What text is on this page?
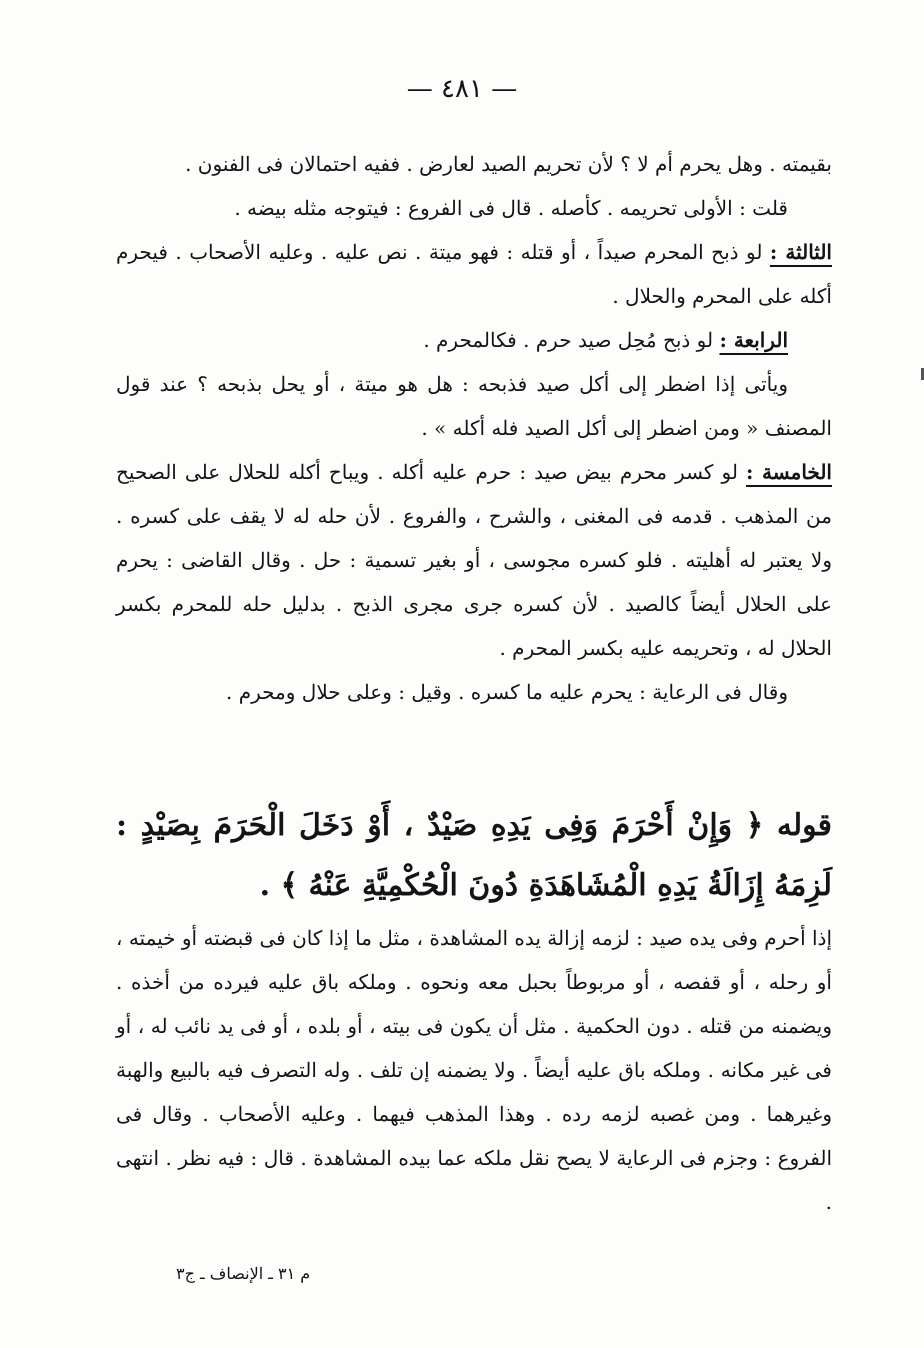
— ٤٨١ —

بقيمته . وهل يحرم أم لا ؟ لأن تحريم الصيد لعارض . ففيه احتمالان فى الفنون .

قلت : الأولى تحريمه . كأصله . قال فى الفروع : فيتوجه مثله بيضه .

الثالثة : لو ذبح المحرم صيداً ، أو قتله : فهو ميتة . نص عليه . وعليه الأصحاب . فيحرم أكله على المحرم والحلال .

الرابعة : لو ذبح مُحِل صيد حرم . فكالمحرم .

ويأتى إذا اضطر إلى أكل صيد فذبحه : هل هو ميتة ، أو يحل بذبحه ؟ عند قول المصنف « ومن اضطر إلى أكل الصيد فله أكله » .

الخامسة : لو كسر محرم بيض صيد : حرم عليه أكله . ويباح أكله للحلال على الصحيح من المذهب . قدمه فى المغنى ، والشرح ، والفروع . لأن حله له لا يقف على كسره . ولا يعتبر له أهليته . فلو كسره مجوسى ، أو بغير تسمية : حل . وقال القاضى : يحرم على الحلال أيضاً كالصيد . لأن كسره جرى مجرى الذبح . بدليل حله للمحرم بكسر الحلال له ، وتحريمه عليه بكسر المحرم .

وقال فى الرعاية : يحرم عليه ما كسره . وقيل : وعلى حلال ومحرم .

قوله ﴿ وَإِنْ أَحْرَمَ وَفِى يَدِهِ صَيْدٌ ، أَوْ دَخَلَ الْحَرَمَ بِصَيْدٍ : لَزِمَهُ إِزَالَةُ يَدِهِ الْمُشَاهَدَةِ دُونَ الْحُكْمِيَّةِ عَنْهُ ﴾ .

إذا أحرم وفى يده صيد : لزمه إزالة يده المشاهدة ، مثل ما إذا كان فى قبضته أو خيمته ، أو رحله ، أو قفصه ، أو مربوطاً بحبل معه ونحوه . وملكه باق عليه فيرده من أخذه . ويضمنه من قتله . دون الحكمية . مثل أن يكون فى بيته ، أو بلده ، أو فى يد نائب له ، أو فى غير مكانه . وملكه باق عليه أيضاً . ولا يضمنه إن تلف . وله التصرف فيه بالبيع والهبة وغيرهما . ومن غصبه لزمه رده . وهذا المذهب فيهما . وعليه الأصحاب . وقال فى الفروع : وجزم فى الرعاية لا يصح نقل ملكه عما بيده المشاهدة . قال : فيه نظر . انتهى .

م ٣١ ـ الإنصاف ـ ج٣
